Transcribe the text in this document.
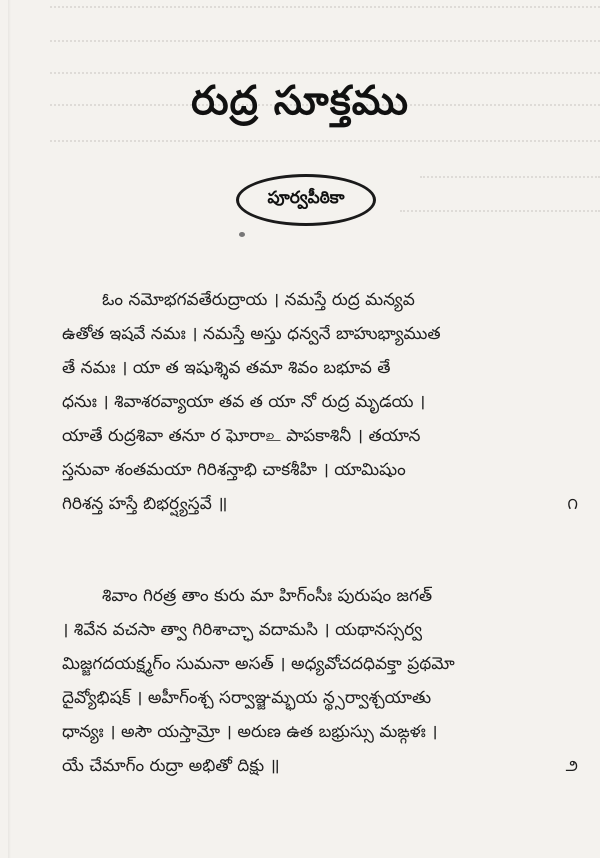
రుద్ర సూక్తము
పూర్వపీఠికా
ఓం నమోభగవతేరుద్రాయ । నమస్తే రుద్ర మన్యవ
ఉతోత ఇషవే నమః । నమస్తే అస్తు ధన్వనే బాహుభ్యాముత
తే నమః । యా త ఇషుశ్శివ తమా శివం బభూవ తే
ధనుః । శివాశరవ్యాయా తవ త యా నో రుద్ర మృడయ ।
యాతే రుద్రశివా తనూ ర ఘోరాஉ పాపకాశినీ । తయాన
స్తనువా శంతమయా గిరిశన్తాభి చాకశీహి । యామిషుం
గిరిశన్త హస్తే బిభర్ష్యస్తవే ॥	౧
శివాం గిరత్ర తాం కురు మా హిగ్ంసీః పురుషం జగత్
। శివేన వచసా త్వా గిరిశాచ్ఛా వదామసి । యథానస్సర్వ
మిజ్జగదయక్ష్మగ్ం సుమనా అసత్ । అధ్యవోచదధివక్తా ప్రథమో
దైవ్యోభిషక్ । అహీగ్ంశ్చ సర్వాఞ్జమ్భయ న్థ్సర్వాశ్చయాతు
ధాన్యః । అసౌ యస్తామ్రో । అరుణ ఉత బభ్రుస్సు మఙ్గళః ।
యే చేమాగ్ం రుద్రా అభితో దిక్షు ॥	౨
